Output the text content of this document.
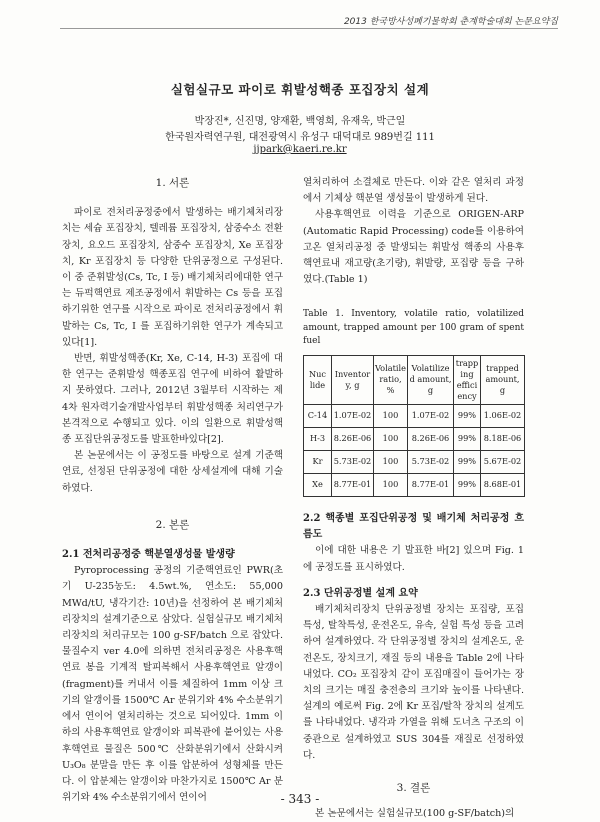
2013 한국방사성폐기물학회 춘계학술대회 논문요약집
실험실규모 파이로 휘발성핵종 포집장치 설계
박장진*, 신진명, 양재환, 백영희, 유재욱, 박근일
한국원자력연구원, 대전광역시 유성구 대덕대로 989번길 111
jjpark@kaeri.re.kr
1. 서론

파이로 전처리공정중에서 발생하는 배기체처리장치는 세슘 포집장치, 텔레륨 포집장치, 삼중수소 전환장치, 요오드 포집장치, 삼중수 포집장치, Xe 포집장치, Kr 포집장치 등 다양한 단위공정으로 구성된다. 이 중 준휘발성(Cs, Tc, I 등) 배기체처리에대한 연구는 듀퍽핵연료 제조공정에서 휘발하는 Cs 등을 포집하기위한 연구를 시작으로 파이로 전처리공정에서 휘발하는 Cs, Tc, I 를 포집하기위한 연구가 계속되고 있다[1].

반면, 휘발성핵종(Kr, Xe, C-14, H-3) 포집에 대한 연구는 준휘발성 핵종포집 연구에 비하여 활발하지 못하였다. 그러나, 2012년 3월부터 시작하는 제 4차 원자력기술개발사업부터 휘발성핵종 처리연구가 본격적으로 수행되고 있다. 이의 일환으로 휘발성핵종 포집단위공정도를 발표한바있다[2].

본 논문에서는 이 공정도를 바탕으로 설계 기준핵연료, 선정된 단위공정에 대한 상세설계에 대해 기술하였다.

2. 본론
2.1 전처리공정중 핵분열생성물 발생량

Pyroprocessing 공정의 기준핵연료인 PWR(초기 U-235농도: 4.5wt.%, 연소도: 55,000 MWd/tU, 냉각기간: 10년)을 선정하여 본 배기체처리장치의 설계기준으로 삼았다. 실험실규모 배기체처리장치의 처리규모는 100 g-SF/batch 으로 잡았다. 물질수지 ver 4.0에 의하면 전처리공정은 사용후핵연료 봉을 기계적 탈피복해서 사용후핵연료 알갱이(fragment)를 커내서 이를 체질하여 1mm 이상 크기의 알갱이를 1500℃ Ar 분위기와 4% 수소분위기에서 연이어 열처리하는 것으로 되어있다. 1mm 이하의 사용후핵연료 알갱이와 피복관에 붙어있는 사용후핵연료 물질은 500℃ 산화분위기에서 산화시켜 U₃O₈ 분말을 만든 후 이를 압분하여 성형체를 만든다. 이 압분체는 알갱이와 마찬가지로 1500℃ Ar 분위기와 4% 수소분위기에서 연이어

열처리하여 소결체로 만든다. 이와 같은 열처리 과정에서 기체상 핵분열 생성물이 발생하게 된다.

사용후핵연료 이력을 기준으로 ORIGEN-ARP (Automatic Rapid Processing) code를 이용하여 고온 열처리공정 중 발생되는 휘발성 핵종의 사용후핵연료내 재고량(초기량), 휘발량, 포집량 등을 구하였다.(Table 1)

Table 1. Inventory, volatile ratio, volatilized amount, trapped amount per 100 gram of spent fuel

Nuc lide	Inventory, g	Volatile ratio, %	Volatilized amount, g	trapping efficiency	trapped amount, g
C-14	1.07E-02	100	1.07E-02	99%	1.06E-02
H-3	8.26E-06	100	8.26E-06	99%	8.18E-06
Kr	5.73E-02	100	5.73E-02	99%	5.67E-02
Xe	8.77E-01	100	8.77E-01	99%	8.68E-01
2.2 핵종별 포집단위공정 및 배기체 처리공정 흐름도

이에 대한 내용은 기 발표한 바[2] 있으며 Fig. 1에 공정도를 표시하였다.

2.3 단위공정별 설계 요약

배기체처리장치 단위공정별 장치는 포집량, 포집특성, 탈착특성, 운전온도, 유속, 실험 특성 등을 고려하여 설계하였다. 각 단위공정별 장치의 설계온도, 운전온도, 장치크기, 재질 등의 내용을 Table 2에 나타내었다. CO₂ 포집장치 같이 포집매질이 들어가는 장치의 크기는 매질 충전층의 크기와 높이를 나타낸다. 설계의 예로써 Fig. 2에 Kr 포집/탈착 장치의 설계도를 나타내었다. 냉각과 가열을 위해 도너츠 구조의 이중관으로 설계하였고 SUS 304를 재질로 선정하였다.

3. 결론

본 논문에서는 실험실규모(100 g-SF/batch)의

- 343 -
